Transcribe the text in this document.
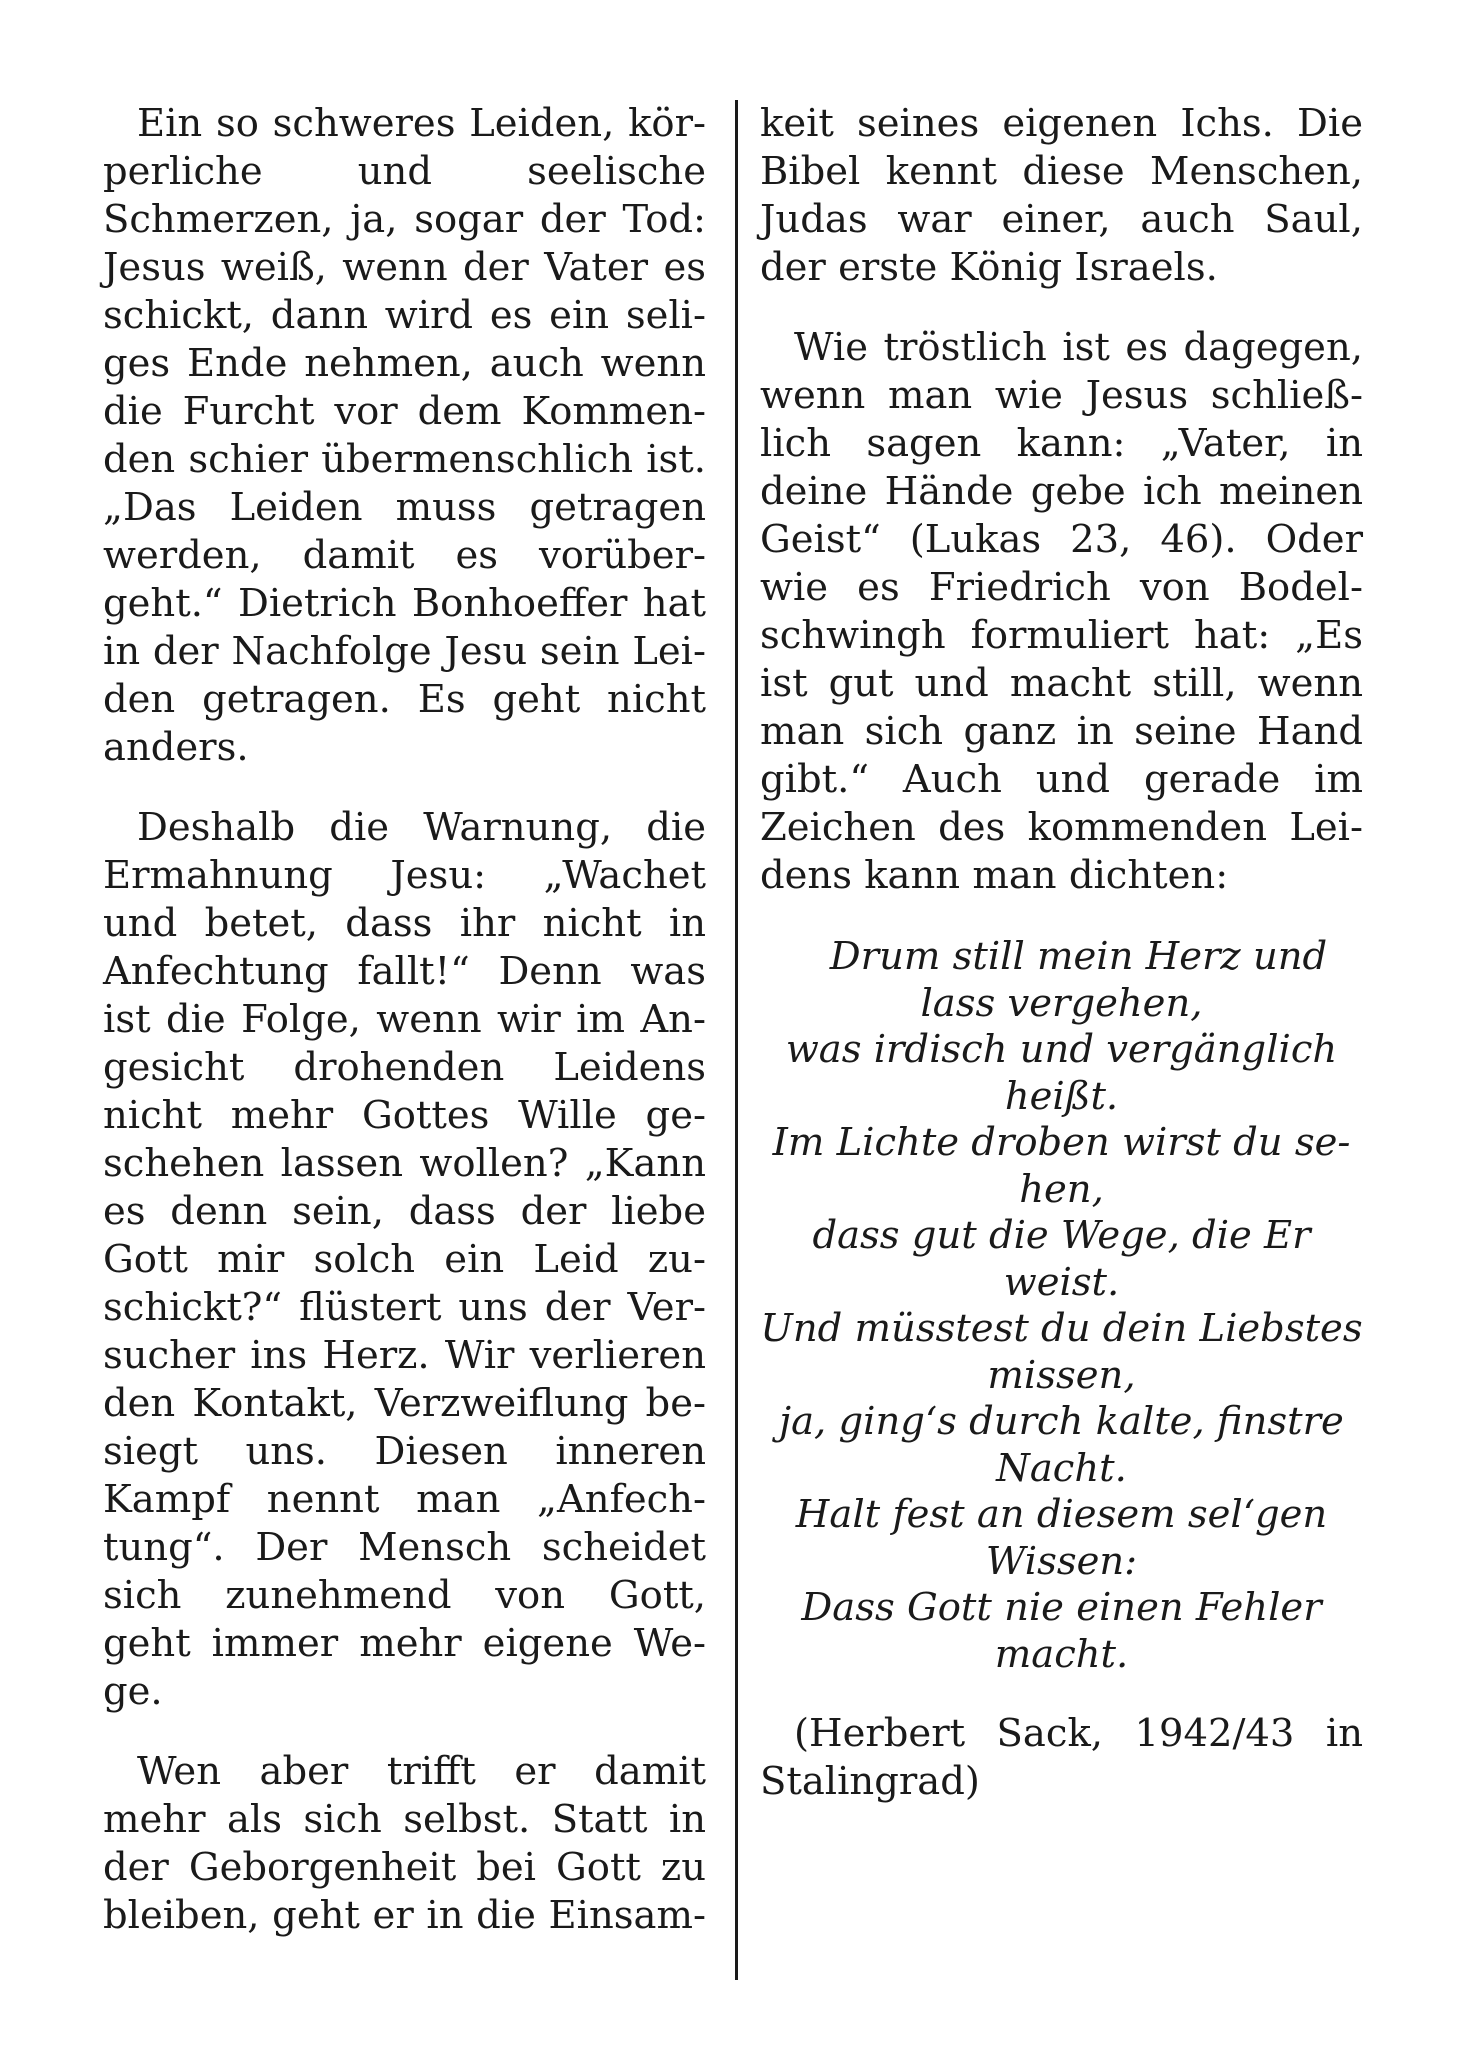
Ein so schweres Leiden, kör-
perliche und seelische
Schmerzen, ja, sogar der Tod:
Jesus weiß, wenn der Vater es
schickt, dann wird es ein seli-
ges Ende nehmen, auch wenn
die Furcht vor dem Kommen-
den schier übermenschlich ist.
„Das Leiden muss getragen
werden, damit es vorüber-
geht.“ Dietrich Bonhoeffer hat
in der Nachfolge Jesu sein Lei-
den getragen. Es geht nicht
anders.
Deshalb die Warnung, die
Ermahnung Jesu: „Wachet
und betet, dass ihr nicht in
Anfechtung fallt!“ Denn was
ist die Folge, wenn wir im An-
gesicht drohenden Leidens
nicht mehr Gottes Wille ge-
schehen lassen wollen? „Kann
es denn sein, dass der liebe
Gott mir solch ein Leid zu-
schickt?“ flüstert uns der Ver-
sucher ins Herz. Wir verlieren
den Kontakt, Verzweiflung be-
siegt uns. Diesen inneren
Kampf nennt man „Anfech-
tung“. Der Mensch scheidet
sich zunehmend von Gott,
geht immer mehr eigene We-
ge.
Wen aber trifft er damit
mehr als sich selbst. Statt in
der Geborgenheit bei Gott zu
bleiben, geht er in die Einsam-
keit seines eigenen Ichs. Die
Bibel kennt diese Menschen,
Judas war einer, auch Saul,
der erste König Israels.
Wie tröstlich ist es dagegen,
wenn man wie Jesus schließ-
lich sagen kann: „Vater, in
deine Hände gebe ich meinen
Geist“ (Lukas 23, 46). Oder
wie es Friedrich von Bodel-
schwingh formuliert hat: „Es
ist gut und macht still, wenn
man sich ganz in seine Hand
gibt.“ Auch und gerade im
Zeichen des kommenden Lei-
dens kann man dichten:
Drum still mein Herz und
lass vergehen,
was irdisch und vergänglich
heißt.
Im Lichte droben wirst du se-
hen,
dass gut die Wege, die Er
weist.
Und müsstest du dein Liebstes
missen,
ja, ging‘s durch kalte, finstre
Nacht.
Halt fest an diesem sel‘gen
Wissen:
Dass Gott nie einen Fehler
macht.
(Herbert Sack, 1942/43 in
Stalingrad)
